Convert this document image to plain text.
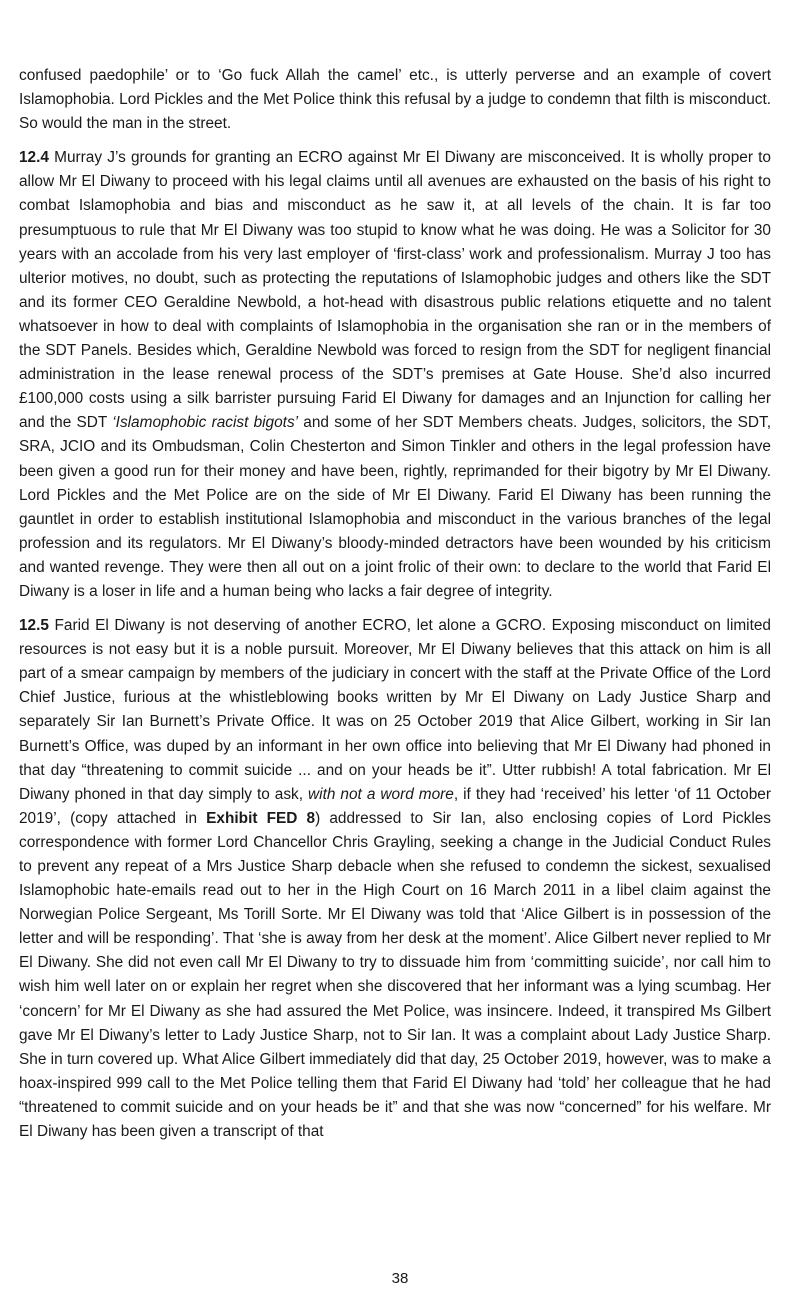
confused paedophile’ or to ‘Go fuck Allah the camel’ etc., is utterly perverse and an example of covert Islamophobia. Lord Pickles and the Met Police think this refusal by a judge to condemn that filth is misconduct. So would the man in the street.

12.4 Murray J’s grounds for granting an ECRO against Mr El Diwany are misconceived. It is wholly proper to allow Mr El Diwany to proceed with his legal claims until all avenues are exhausted on the basis of his right to combat Islamophobia and bias and misconduct as he saw it, at all levels of the chain. It is far too presumptuous to rule that Mr El Diwany was too stupid to know what he was doing. He was a Solicitor for 30 years with an accolade from his very last employer of ‘first-class’ work and professionalism. Murray J too has ulterior motives, no doubt, such as protecting the reputations of Islamophobic judges and others like the SDT and its former CEO Geraldine Newbold, a hot-head with disastrous public relations etiquette and no talent whatsoever in how to deal with complaints of Islamophobia in the organisation she ran or in the members of the SDT Panels. Besides which, Geraldine Newbold was forced to resign from the SDT for negligent financial administration in the lease renewal process of the SDT’s premises at Gate House. She’d also incurred £100,000 costs using a silk barrister pursuing Farid El Diwany for damages and an Injunction for calling her and the SDT ‘Islamophobic racist bigots’ and some of her SDT Members cheats. Judges, solicitors, the SDT, SRA, JCIO and its Ombudsman, Colin Chesterton and Simon Tinkler and others in the legal profession have been given a good run for their money and have been, rightly, reprimanded for their bigotry by Mr El Diwany. Lord Pickles and the Met Police are on the side of Mr El Diwany. Farid El Diwany has been running the gauntlet in order to establish institutional Islamophobia and misconduct in the various branches of the legal profession and its regulators. Mr El Diwany’s bloody-minded detractors have been wounded by his criticism and wanted revenge. They were then all out on a joint frolic of their own: to declare to the world that Farid El Diwany is a loser in life and a human being who lacks a fair degree of integrity.

12.5 Farid El Diwany is not deserving of another ECRO, let alone a GCRO. Exposing misconduct on limited resources is not easy but it is a noble pursuit. Moreover, Mr El Diwany believes that this attack on him is all part of a smear campaign by members of the judiciary in concert with the staff at the Private Office of the Lord Chief Justice, furious at the whistleblowing books written by Mr El Diwany on Lady Justice Sharp and separately Sir Ian Burnett’s Private Office. It was on 25 October 2019 that Alice Gilbert, working in Sir Ian Burnett’s Office, was duped by an informant in her own office into believing that Mr El Diwany had phoned in that day “threatening to commit suicide ... and on your heads be it”. Utter rubbish! A total fabrication. Mr El Diwany phoned in that day simply to ask, with not a word more, if they had ‘received’ his letter ‘of 11 October 2019’, (copy attached in Exhibit FED 8) addressed to Sir Ian, also enclosing copies of Lord Pickles correspondence with former Lord Chancellor Chris Grayling, seeking a change in the Judicial Conduct Rules to prevent any repeat of a Mrs Justice Sharp debacle when she refused to condemn the sickest, sexualised Islamophobic hate-emails read out to her in the High Court on 16 March 2011 in a libel claim against the Norwegian Police Sergeant, Ms Torill Sorte. Mr El Diwany was told that ‘Alice Gilbert is in possession of the letter and will be responding’. That ‘she is away from her desk at the moment’. Alice Gilbert never replied to Mr El Diwany. She did not even call Mr El Diwany to try to dissuade him from ‘committing suicide’, nor call him to wish him well later on or explain her regret when she discovered that her informant was a lying scumbag. Her ‘concern’ for Mr El Diwany as she had assured the Met Police, was insincere. Indeed, it transpired Ms Gilbert gave Mr El Diwany’s letter to Lady Justice Sharp, not to Sir Ian. It was a complaint about Lady Justice Sharp. She in turn covered up. What Alice Gilbert immediately did that day, 25 October 2019, however, was to make a hoax-inspired 999 call to the Met Police telling them that Farid El Diwany had ‘told’ her colleague that he had “threatened to commit suicide and on your heads be it” and that she was now “concerned” for his welfare. Mr El Diwany has been given a transcript of that

38
